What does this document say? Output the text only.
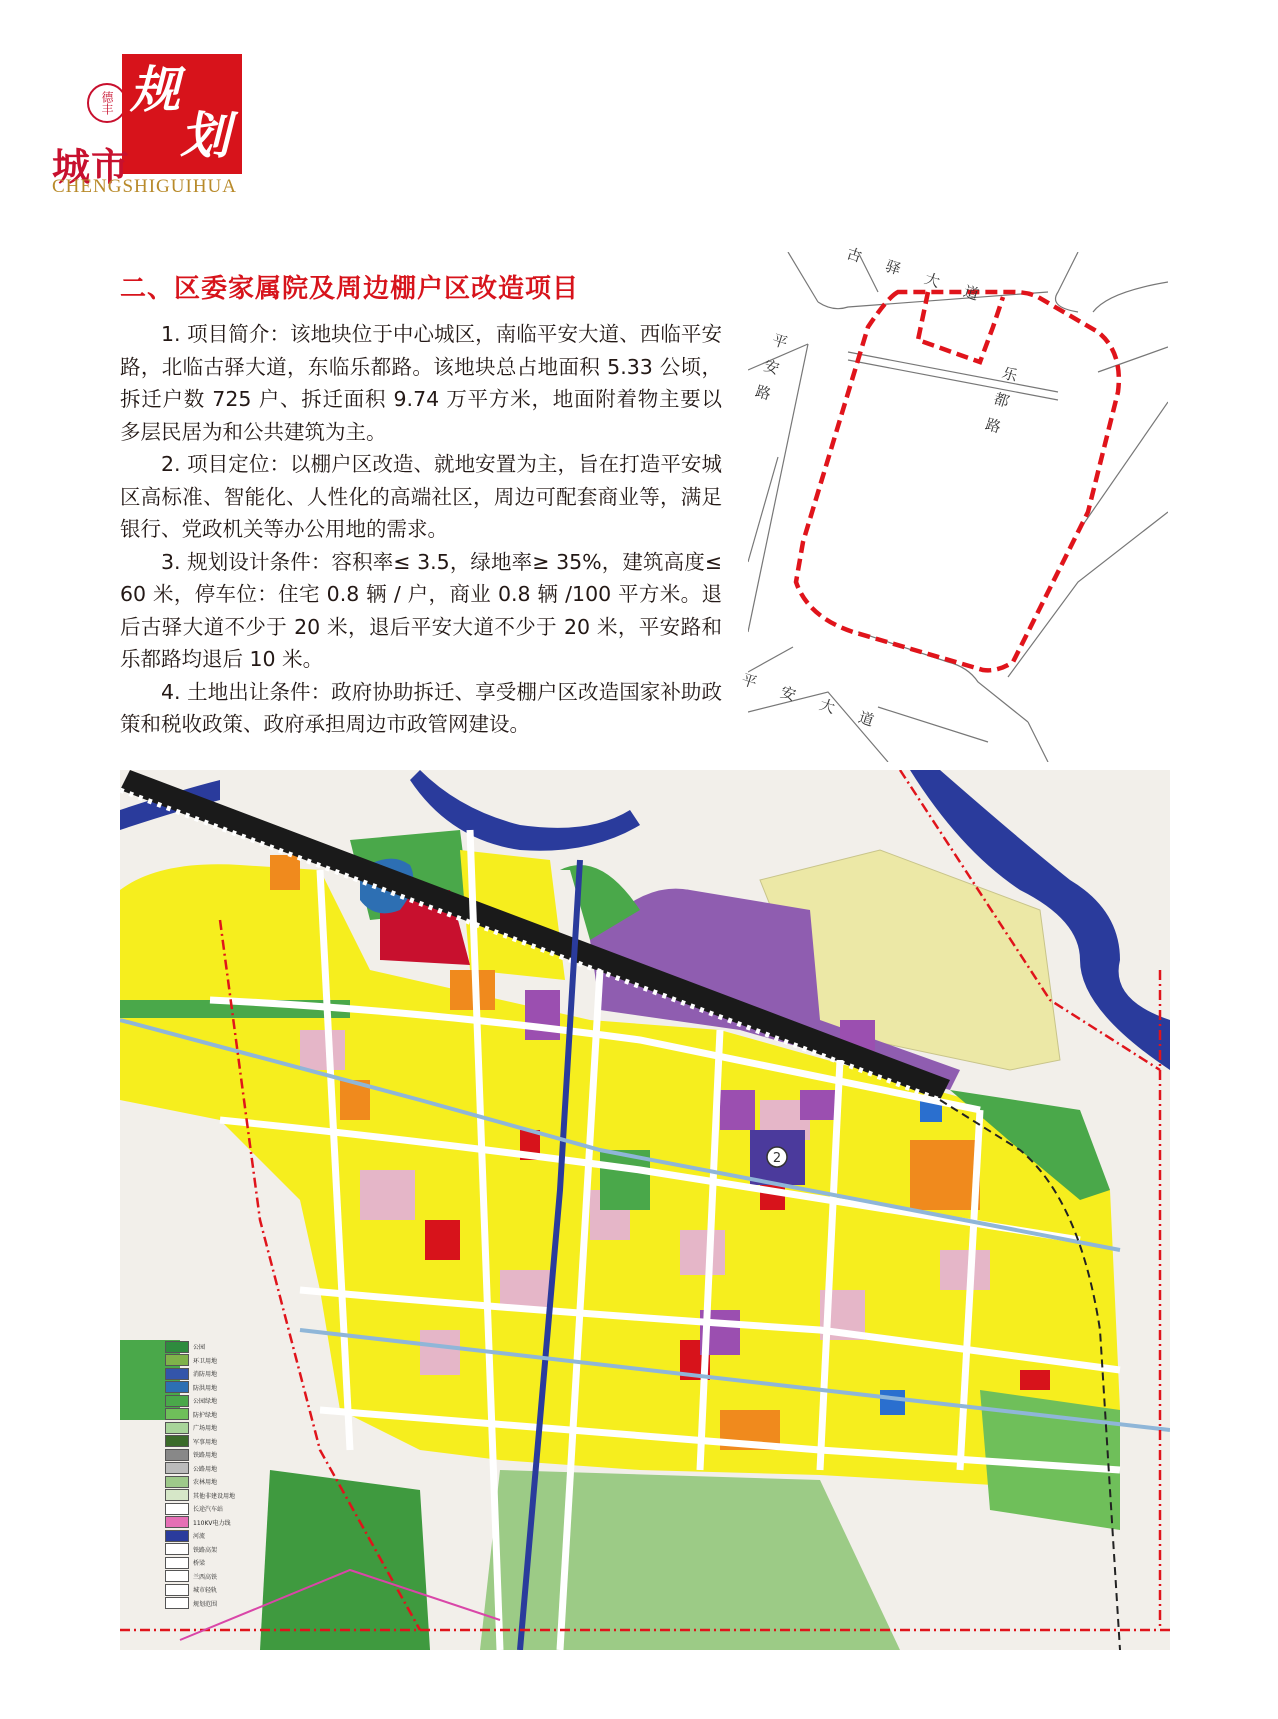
德丰 规
划
城市
CHENGSHIGUIHUA
二、区委家属院及周边棚户区改造项目

1. 项目简介：该地块位于中心城区，南临平安大道、西临平安路，北临古驿大道，东临乐都路。该地块总占地面积 5.33 公顷，拆迁户数 725 户、拆迁面积 9.74 万平方米，地面附着物主要以多层民居为和公共建筑为主。

2. 项目定位：以棚户区改造、就地安置为主，旨在打造平安城区高标准、智能化、人性化的高端社区，周边可配套商业等，满足银行、党政机关等办公用地的需求。

3. 规划设计条件：容积率≤ 3.5，绿地率≥ 35%，建筑高度≤ 60 米，停车位：住宅 0.8 辆 / 户，商业 0.8 辆 /100 平方米。退后古驿大道不少于 20 米，退后平安大道不少于 20 米，平安路和乐都路均退后 10 米。

4. 土地出让条件：政府协助拆迁、享受棚户区改造国家补助政策和税收政策、政府承担周边市政管网建设。

古驿大道
平安路	乐都路
平安大道
2
公园
环卫用地
消防用地
防洪用地
公园绿地
防护绿地
广场用地
军事用地
铁路用地
公路用地
农林用地
其他非建设用地
长途汽车站
110KV电力线
河流
铁路高架
桥梁
兰西高铁
城市轻轨
规划范围
